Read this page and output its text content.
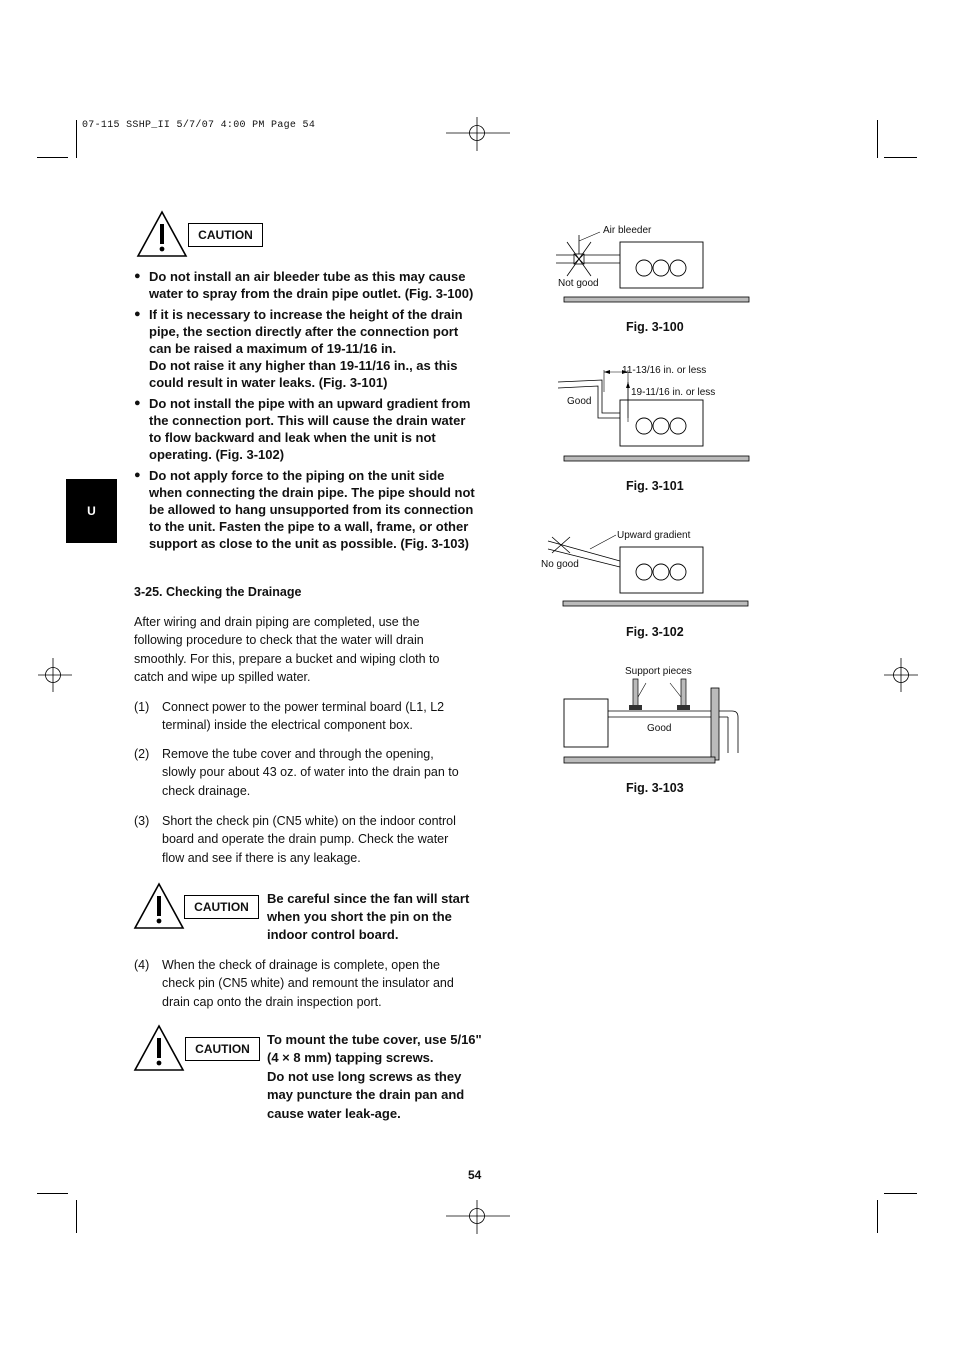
07-115 SSHP_II 5/7/07 4:00 PM Page 54
U
CAUTION
● Do not install an air bleeder tube as this may cause
water to spray from the drain pipe outlet. (Fig. 3-100)
● If it is necessary to increase the height of the drain
pipe, the section directly after the connection port
can be raised a maximum of 19-11/16 in.
Do not raise it any higher than 19-11/16 in., as this
could result in water leaks. (Fig. 3-101)
● Do not install the pipe with an upward gradient from
the connection port. This will cause the drain water
to flow backward and leak when the unit is not
operating. (Fig. 3-102)
● Do not apply force to the piping on the unit side
when connecting the drain pipe. The pipe should not
be allowed to hang unsupported from its connection
to the unit. Fasten the pipe to a wall, frame, or other
support as close to the unit as possible. (Fig. 3-103)
3-25. Checking the Drainage
After wiring and drain piping are completed, use the
following procedure to check that the water will drain
smoothly. For this, prepare a bucket and wiping cloth to
catch and wipe up spilled water.
(1) Connect power to the power terminal board (L1, L2
terminal) inside the electrical component box.
(2) Remove the tube cover and through the opening,
slowly pour about 43 oz. of water into the drain pan to
check drainage.
(3) Short the check pin (CN5 white) on the indoor control
board and operate the drain pump. Check the water
flow and see if there is any leakage.
CAUTION
Be careful since the fan will start
when you short the pin on the
indoor control board.
(4) When the check of drainage is complete, open the
check pin (CN5 white) and remount the insulator and
drain cap onto the drain inspection port.
CAUTION
To mount the tube cover, use 5/16"
(4 × 8 mm) tapping screws.
Do not use long screws as they
may puncture the drain pan and
cause water leak-age.
54
Air bleeder
Not good
Fig. 3-100
11-13/16 in. or less
19-11/16 in. or less
Good
Fig. 3-101
Upward gradient
No good
Fig. 3-102
Support pieces
Good
Fig. 3-103
